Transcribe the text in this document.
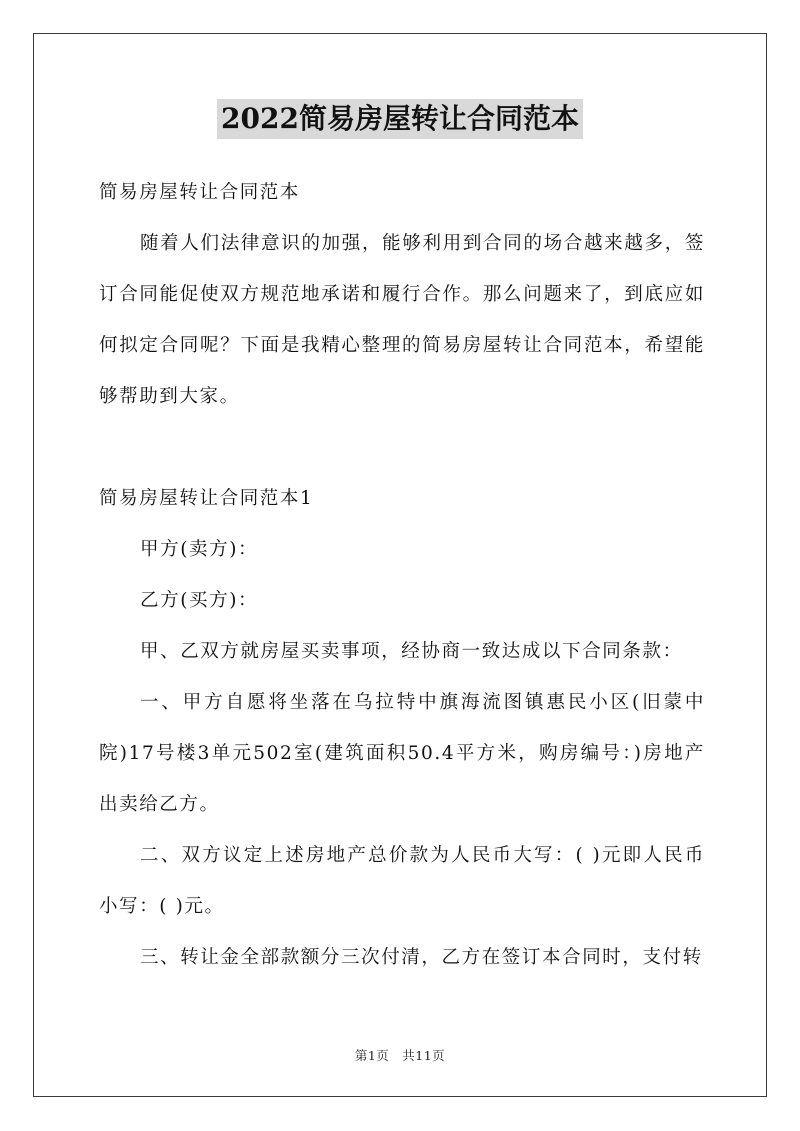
2022简易房屋转让合同范本

简易房屋转让合同范本

随着人们法律意识的加强，能够利用到合同的场合越来越多，签订合同能促使双方规范地承诺和履行合作。那么问题来了，到底应如何拟定合同呢？下面是我精心整理的简易房屋转让合同范本，希望能够帮助到大家。

简易房屋转让合同范本1

甲方(卖方)：

乙方(买方)：

甲、乙双方就房屋买卖事项，经协商一致达成以下合同条款：

一、甲方自愿将坐落在乌拉特中旗海流图镇惠民小区(旧蒙中院)17号楼3单元502室(建筑面积50.4平方米，购房编号：)房地产出卖给乙方。

二、双方议定上述房地产总价款为人民币大写：( )元即人民币小写：( )元。

三、转让金全部款额分三次付清，乙方在签订本合同时，支付转

第1页　共11页
